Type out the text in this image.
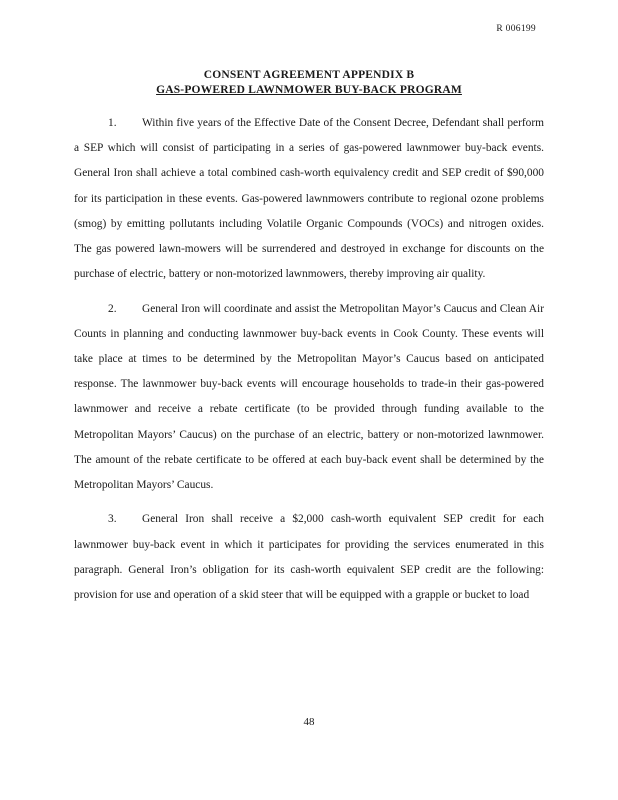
R 006199
CONSENT AGREEMENT APPENDIX B
GAS-POWERED LAWNMOWER BUY-BACK PROGRAM

1. Within five years of the Effective Date of the Consent Decree, Defendant shall perform a SEP which will consist of participating in a series of gas-powered lawnmower buy-back events. General Iron shall achieve a total combined cash-worth equivalency credit and SEP credit of $90,000 for its participation in these events. Gas-powered lawnmowers contribute to regional ozone problems (smog) by emitting pollutants including Volatile Organic Compounds (VOCs) and nitrogen oxides. The gas powered lawn-mowers will be surrendered and destroyed in exchange for discounts on the purchase of electric, battery or non-motorized lawnmowers, thereby improving air quality.

2. General Iron will coordinate and assist the Metropolitan Mayor’s Caucus and Clean Air Counts in planning and conducting lawnmower buy-back events in Cook County. These events will take place at times to be determined by the Metropolitan Mayor’s Caucus based on anticipated response. The lawnmower buy-back events will encourage households to trade-in their gas-powered lawnmower and receive a rebate certificate (to be provided through funding available to the Metropolitan Mayors’ Caucus) on the purchase of an electric, battery or non-motorized lawnmower. The amount of the rebate certificate to be offered at each buy-back event shall be determined by the Metropolitan Mayors’ Caucus.

3. General Iron shall receive a $2,000 cash-worth equivalent SEP credit for each lawnmower buy-back event in which it participates for providing the services enumerated in this paragraph. General Iron’s obligation for its cash-worth equivalent SEP credit are the following: provision for use and operation of a skid steer that will be equipped with a grapple or bucket to load

48
